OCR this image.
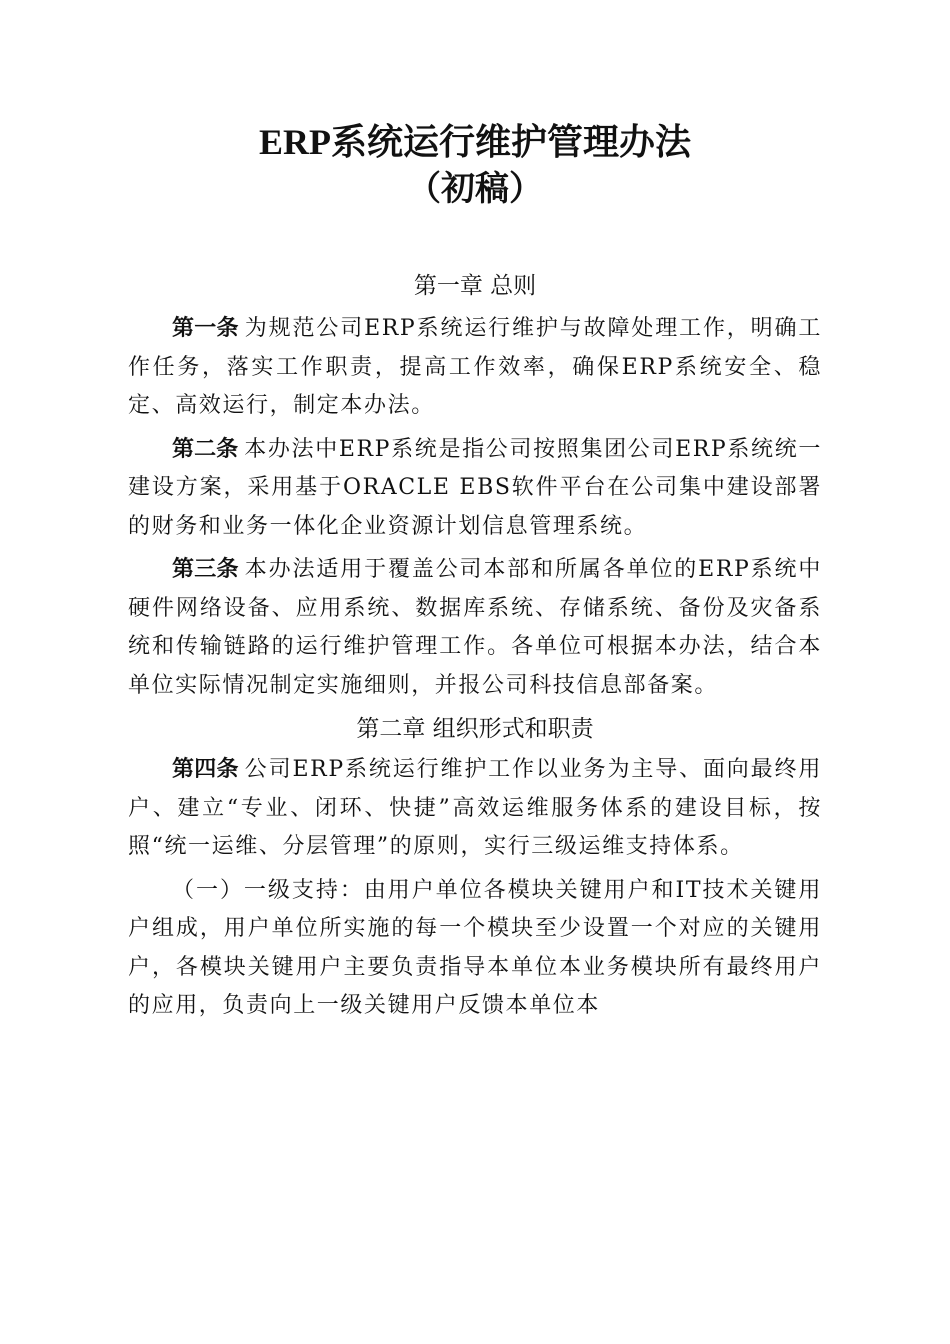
ERP系统运行维护管理办法
（初稿）
第一章 总则

第一条 为规范公司ERP系统运行维护与故障处理工作，明确工作任务，落实工作职责，提高工作效率，确保ERP系统安全、稳定、高效运行，制定本办法。

第二条 本办法中ERP系统是指公司按照集团公司ERP系统统一建设方案，采用基于ORACLE EBS软件平台在公司集中建设部署的财务和业务一体化企业资源计划信息管理系统。

第三条 本办法适用于覆盖公司本部和所属各单位的ERP系统中硬件网络设备、应用系统、数据库系统、存储系统、备份及灾备系统和传输链路的运行维护管理工作。各单位可根据本办法，结合本单位实际情况制定实施细则，并报公司科技信息部备案。

第二章 组织形式和职责

第四条 公司ERP系统运行维护工作以业务为主导、面向最终用户、建立“专业、闭环、快捷”高效运维服务体系的建设目标，按照“统一运维、分层管理”的原则，实行三级运维支持体系。

（一）一级支持：由用户单位各模块关键用户和IT技术关键用户组成，用户单位所实施的每一个模块至少设置一个对应的关键用户，各模块关键用户主要负责指导本单位本业务模块所有最终用户的应用，负责向上一级关键用户反馈本单位本
